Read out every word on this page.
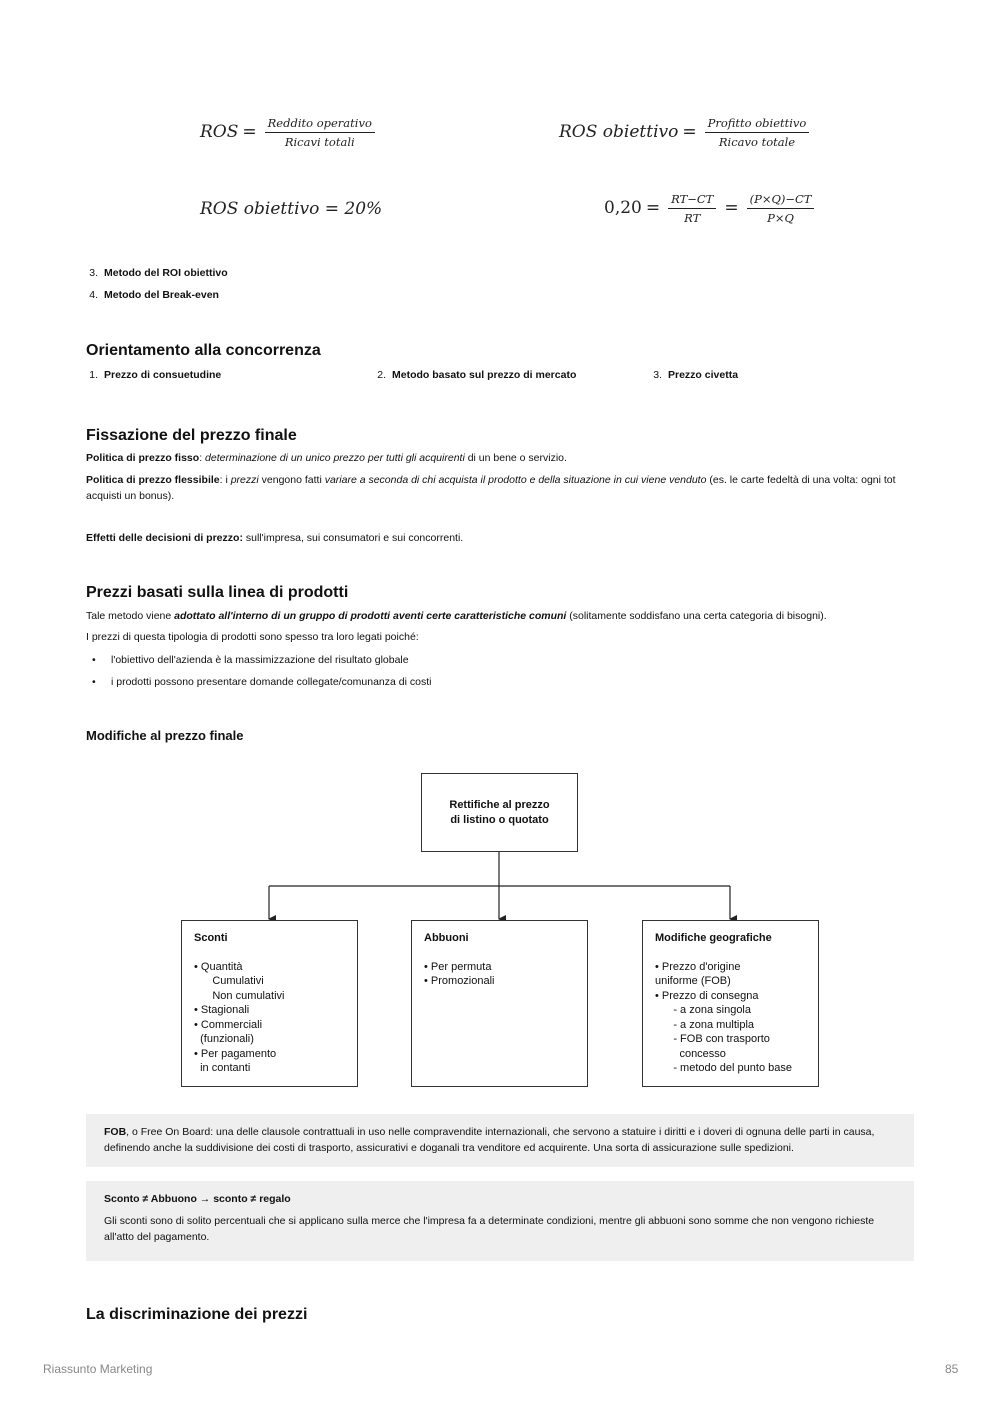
ROS = $\frac{\text{Reddito operativo}}{\text{Ricavi totali}}$	ROS obiettivo = $\frac{\text{Profitto obiettivo}}{\text{Ricavo totale}}$
ROS obiettivo = 20%	$0,20 = \frac{RT-CT}{RT} = \frac{(P\times Q)-CT}{P\times Q}$
3. Metodo del ROI obiettivo
4. Metodo del Break-even
Orientamento alla concorrenza
1. Prezzo di consuetudine	2. Metodo basato sul prezzo di mercato	3. Prezzo civetta
Fissazione del prezzo finale
Politica di prezzo fisso: determinazione di un unico prezzo per tutti gli acquirenti di un bene o servizio.
Politica di prezzo flessibile: i prezzi vengono fatti variare a seconda di chi acquista il prodotto e della situazione in cui viene venduto (es. le carte fedeltà di una volta: ogni tot acquisti un bonus).
Effetti delle decisioni di prezzo: sull'impresa, sui consumatori e sui concorrenti.
Prezzi basati sulla linea di prodotti
Tale metodo viene adottato all'interno di un gruppo di prodotti aventi certe caratteristiche comuni (solitamente soddisfano una certa categoria di bisogni).
I prezzi di questa tipologia di prodotti sono spesso tra loro legati poiché:
• l'obiettivo dell'azienda è la massimizzazione del risultato globale
• i prodotti possono presentare domande collegate/comunanza di costi
Modifiche al prezzo finale
Rettifiche al prezzo
di listino o quotato
Sconti
• Quantità
Cumulativi
Non cumulativi
• Stagionali
• Commerciali
(funzionali)
• Per pagamento
in contanti
Abbuoni
• Per permuta
• Promozionali
Modifiche geografiche
• Prezzo d'origine
uniforme (FOB)
• Prezzo di consegna
- a zona singola
- a zona multipla
- FOB con trasporto
concesso
- metodo del punto base
FOB, o Free On Board: una delle clausole contrattuali in uso nelle compravendite internazionali, che servono a statuire i diritti e i doveri di ognuna delle parti in causa, definendo anche la suddivisione dei costi di trasporto, assicurativi e doganali tra venditore ed acquirente. Una sorta di assicurazione sulle spedizioni.
Sconto ≠ Abbuono → sconto ≠ regalo
Gli sconti sono di solito percentuali che si applicano sulla merce che l'impresa fa a determinate condizioni, mentre gli abbuoni sono somme che non vengono richieste all'atto del pagamento.
La discriminazione dei prezzi
Riassunto Marketing	85
